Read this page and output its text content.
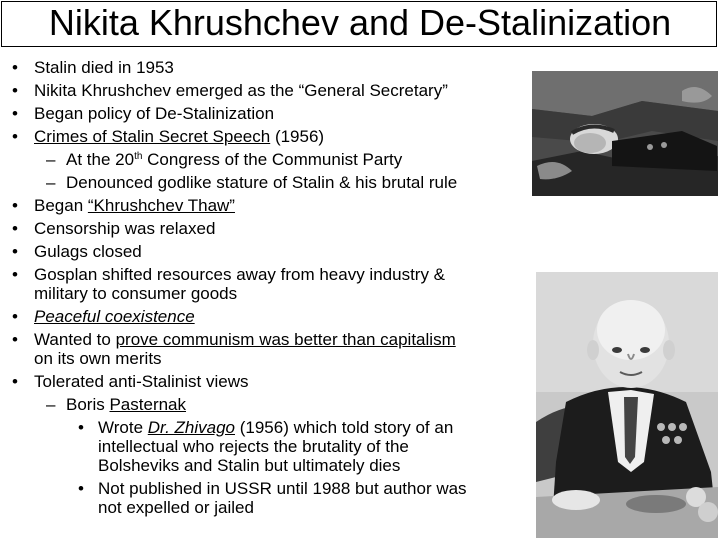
Nikita Khrushchev and De-Stalinization
• Stalin died in 1953
• Nikita Khrushchev emerged as the “General Secretary”
• Began policy of De-Stalinization
• Crimes of Stalin Secret Speech (1956)
– At the 20th Congress of the Communist Party
– Denounced godlike stature of Stalin & his brutal rule
• Began “Khrushchev Thaw”
• Censorship was relaxed
• Gulags closed
• Gosplan shifted resources away from heavy industry &
military to consumer goods
• Peaceful coexistence
• Wanted to prove communism was better than capitalism
on its own merits
• Tolerated anti-Stalinist views
– Boris Pasternak
• Wrote Dr. Zhivago (1956) which told story of an
intellectual who rejects the brutality of the
Bolsheviks and Stalin but ultimately dies
• Not published in USSR until 1988 but author was
not expelled or jailed
